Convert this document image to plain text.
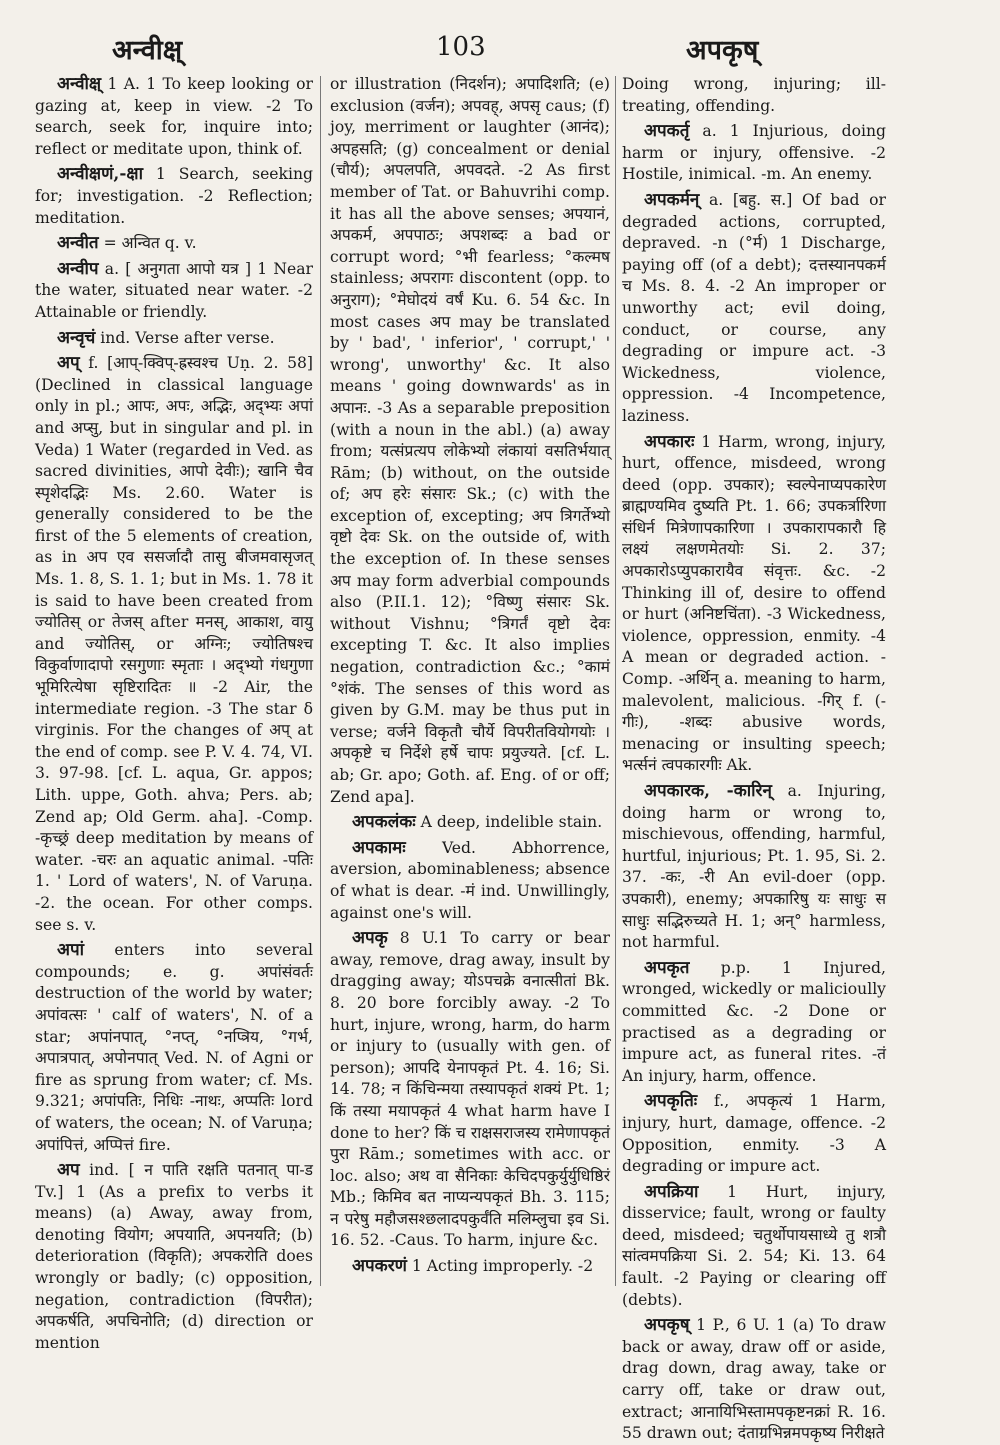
अन्वीक्ष्	103	अपकृष्

अन्वीक्ष् 1 A. 1 To keep looking or gazing at, keep in view. -2 To search, seek for, inquire into; reflect or meditate upon, think of.

अन्वीक्षणं,-क्षा 1 Search, seeking for; investigation. -2 Reflection; meditation.

अन्वीत = अन्वित q. v.

अन्वीप a. [ अनुगता आपो यत्र ] 1 Near the water, situated near water. -2 Attainable or friendly.

अन्वृचं ind. Verse after verse.

अप् f. [आप्-क्विप्-ह्रस्वश्च Uṇ. 2. 58] (Declined in classical language only in pl.; आपः, अपः, अद्भिः, अद्भ्यः अपां and अप्सु, but in singular and pl. in Veda) 1 Water (regarded in Ved. as sacred divinities, आपो देवीः); खानि चैव स्पृशेदद्भिः Ms. 2.60. Water is generally considered to be the first of the 5 elements of creation, as in अप एव ससर्जादौ तासु बीजमवासृजत् Ms. 1. 8, S. 1. 1; but in Ms. 1. 78 it is said to have been created from ज्योतिस् or तेजस् after मनस्, आकाश, वायु and ज्योतिस्, or अग्निः; ज्योतिषश्च विकुर्वाणादापो रसगुणाः स्मृताः । अद्भ्यो गंधगुणा भूमिरित्येषा सृष्टिरादितः ॥ -2 Air, the intermediate region. -3 The star δ virginis. For the changes of अप् at the end of comp. see P. V. 4. 74, VI. 3. 97-98. [cf. L. aqua, Gr. appos; Lith. uppe, Goth. ahva; Pers. ab; Zend ap; Old Germ. aha]. -Comp. -कृच्छ्रं deep meditation by means of water. -चरः an aquatic animal. -पतिः 1. ' Lord of waters', N. of Varuṇa. -2. the ocean. For other comps. see s. v.

अपां enters into several compounds; e. g. अपांसंवर्तः destruction of the world by water; अपांवत्सः ' calf of waters', N. of a star; अपांनपात्, °नप्त्, °नप्त्रिय, °गर्भ, अपात्रपात्, अपोनपात् Ved. N. of Agni or fire as sprung from water; cf. Ms. 9.321; अपांपतिः, निधिः -नाथः, अप्पतिः lord of waters, the ocean; N. of Varuṇa; अपांपित्तं, अप्पित्तं fire.

अप ind. [ न पाति रक्षति पतनात् पा-ड Tv.] 1 (As a prefix to verbs it means) (a) Away, away from, denoting वियोग; अपयाति, अपनयति; (b) deterioration (विकृति); अपकरोति does wrongly or badly; (c) opposition, negation, contradiction (विपरीत); अपकर्षति, अपचिनोति; (d) direction or mention

or illustration (निदर्शन); अपादिशति; (e) exclusion (वर्जन); अपवह्, अपसृ caus; (f) joy, merriment or laughter (आनंद); अपहसति; (g) concealment or denial (चौर्य); अपलपति, अपवदते. -2 As first member of Tat. or Bahuvrihi comp. it has all the above senses; अपयानं, अपकर्म, अपपाठः; अपशब्दः a bad or corrupt word; °भी fearless; °कल्मष stainless; अपरागः discontent (opp. to अनुराग); °मेघोदयं वर्षं Ku. 6. 54 &c. In most cases अप may be translated by ' bad', ' inferior', ' corrupt,' ' wrong', unworthy' &c. It also means ' going downwards' as in अपानः. -3 As a separable preposition (with a noun in the abl.) (a) away from; यत्संप्रत्यप लोकेभ्यो लंकायां वसतिर्भयात् Rām; (b) without, on the outside of; अप हरेः संसारः Sk.; (c) with the exception of, excepting; अप त्रिगर्तेभ्यो वृष्टो देवः Sk. on the outside of, with the exception of. In these senses अप may form adverbial compounds also (P.II.1. 12); °विष्णु संसारः Sk. without Vishnu; °त्रिगर्तं वृष्टो देवः excepting T. &c. It also implies negation, contradiction &c.; °कामं °शंकं. The senses of this word as given by G.M. may be thus put in verse; वर्जने विकृतौ चौर्ये विपरीतवियोगयोः । अपकृष्टे च निर्देशे हर्षे चापः प्रयुज्यते. [cf. L. ab; Gr. apo; Goth. af. Eng. of or off; Zend apa].

अपकलंकः A deep, indelible stain.

अपकामः Ved. Abhorrence, aversion, abominableness; absence of what is dear. -मं ind. Unwillingly, against one's will.

अपकृ 8 U.1 To carry or bear away, remove, drag away, insult by dragging away; योऽपचक्रे वनात्सीतां Bk. 8. 20 bore forcibly away. -2 To hurt, injure, wrong, harm, do harm or injury to (usually with gen. of person); आपदि येनापकृतं Pt. 4. 16; Si. 14. 78; न किंचिन्मया तस्यापकृतं शक्यं Pt. 1; किं तस्या मयापकृतं 4 what harm have I done to her? किं च राक्षसराजस्य रामेणापकृतं पुरा Rām.; sometimes with acc. or loc. also; अथ वा सैनिकाः केचिदपकुर्युर्युधिष्ठिरं Mb.; किमिव बत नाप्यन्यपकृतं Bh. 3. 115; न परेषु महौजसश्छलादपकुर्वंति मलिम्लुचा इव Si. 16. 52. -Caus. To harm, injure &c.

अपकरणं 1 Acting improperly. -2

Doing wrong, injuring; ill-treating, offending.

अपकर्तृ a. 1 Injurious, doing harm or injury, offensive. -2 Hostile, inimical. -m. An enemy.

अपकर्मन् a. [बहु. स.] Of bad or degraded actions, corrupted, depraved. -n (°र्म) 1 Discharge, paying off (of a debt); दत्तस्यानपकर्म च Ms. 8. 4. -2 An improper or unworthy act; evil doing, conduct, or course, any degrading or impure act. -3 Wickedness, violence, oppression. -4 Incompetence, laziness.

अपकारः 1 Harm, wrong, injury, hurt, offence, misdeed, wrong deed (opp. उपकार); स्वल्पेनाप्यपकारेण ब्राह्मण्यमिव दुष्यति Pt. 1. 66; उपकर्त्रारिणा संधिर्न मित्रेणापकारिणा । उपकारापकारौ हि लक्ष्यं लक्षणमेतयोः Si. 2. 37; अपकारोऽप्युपकारायैव संवृत्तः. &c. -2 Thinking ill of, desire to offend or hurt (अनिष्टचिंता). -3 Wickedness, violence, oppression, enmity. -4 A mean or degraded action. -Comp. -अर्थिन् a. meaning to harm, malevolent, malicious. -गिर् f. (-गीः), -शब्दः abusive words, menacing or insulting speech; भर्त्सनं त्वपकारगीः Ak.

अपकारक, -कारिन् a. Injuring, doing harm or wrong to, mischievous, offending, harmful, hurtful, injurious; Pt. 1. 95, Si. 2. 37. -कः, -री An evil-doer (opp. उपकारी), enemy; अपकारिषु यः साधुः स साधुः सद्भिरुच्यते H. 1; अन्° harmless, not harmful.

अपकृत p.p. 1 Injured, wronged, wickedly or malicioully committed &c. -2 Done or practised as a degrading or impure act, as funeral rites. -तं An injury, harm, offence.

अपकृतिः f., अपकृत्यं 1 Harm, injury, hurt, damage, offence. -2 Opposition, enmity. -3 A degrading or impure act.

अपक्रिया 1 Hurt, injury, disservice; fault, wrong or faulty deed, misdeed; चतुर्थोपायसाध्ये तु शत्रौ सांत्वमपक्रिया Si. 2. 54; Ki. 13. 64 fault. -2 Paying or clearing off (debts).

अपकृष् 1 P., 6 U. 1 (a) To draw back or away, draw off or aside, drag down, drag away, take or carry off, take or draw out, extract; आनायिभिस्तामपकृष्टनक्रां R. 16. 55 drawn out; दंताग्रभिन्नमपकृष्य निरीक्षते
